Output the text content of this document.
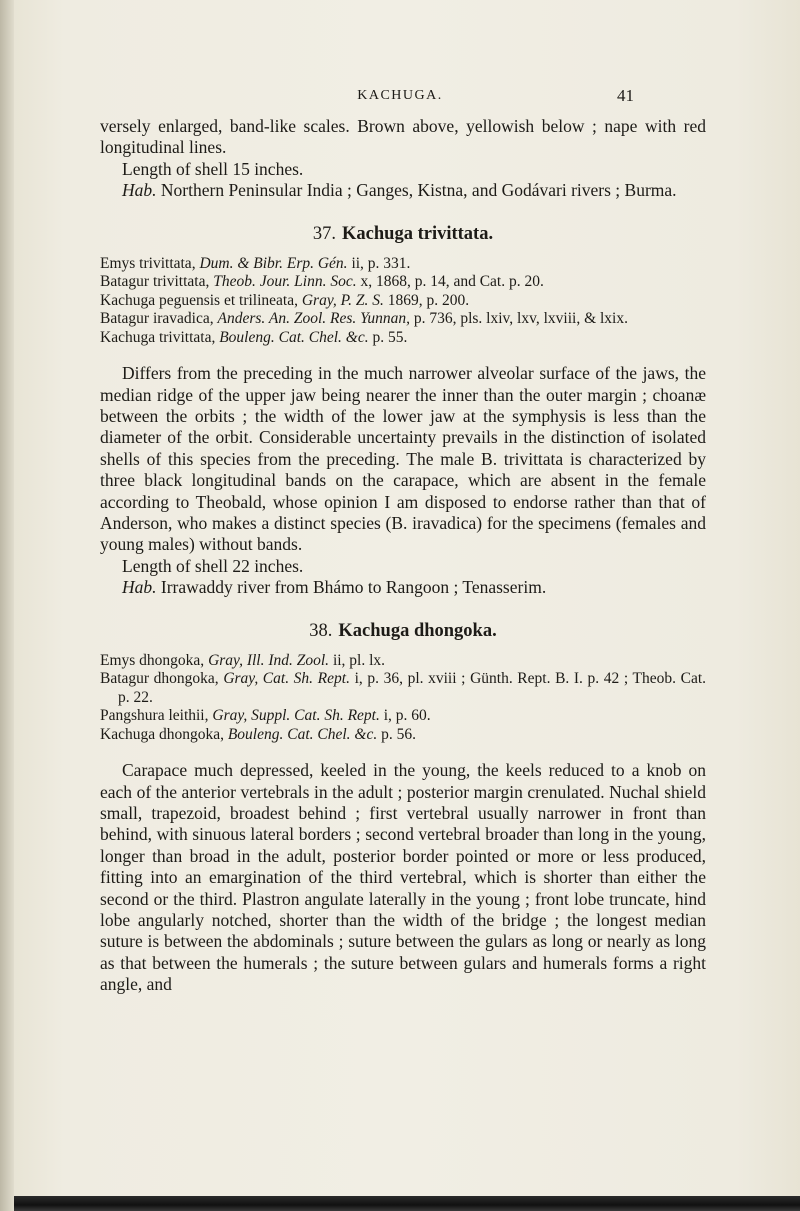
KACHUGA.	41

versely enlarged, band-like scales. Brown above, yellowish below ; nape with red longitudinal lines.

Length of shell 15 inches.

Hab. Northern Peninsular India ; Ganges, Kistna, and Godávari rivers ; Burma.

37. Kachuga trivittata.

Emys trivittata, Dum. & Bibr. Erp. Gén. ii, p. 331.

Batagur trivittata, Theob. Jour. Linn. Soc. x, 1868, p. 14, and Cat. p. 20.

Kachuga peguensis et trilineata, Gray, P. Z. S. 1869, p. 200.

Batagur iravadica, Anders. An. Zool. Res. Yunnan, p. 736, pls. lxiv, lxv, lxviii, & lxix.

Kachuga trivittata, Bouleng. Cat. Chel. &c. p. 55.

Differs from the preceding in the much narrower alveolar surface of the jaws, the median ridge of the upper jaw being nearer the inner than the outer margin ; choanæ between the orbits ; the width of the lower jaw at the symphysis is less than the diameter of the orbit. Considerable uncertainty prevails in the distinction of isolated shells of this species from the preceding. The male B. trivittata is characterized by three black longitudinal bands on the carapace, which are absent in the female according to Theobald, whose opinion I am disposed to endorse rather than that of Anderson, who makes a distinct species (B. iravadica) for the specimens (females and young males) without bands.

Length of shell 22 inches.

Hab. Irrawaddy river from Bhámo to Rangoon ; Tenasserim.

38. Kachuga dhongoka.

Emys dhongoka, Gray, Ill. Ind. Zool. ii, pl. lx.

Batagur dhongoka, Gray, Cat. Sh. Rept. i, p. 36, pl. xviii ; Günth. Rept. B. I. p. 42 ; Theob. Cat. p. 22.

Pangshura leithii, Gray, Suppl. Cat. Sh. Rept. i, p. 60.

Kachuga dhongoka, Bouleng. Cat. Chel. &c. p. 56.

Carapace much depressed, keeled in the young, the keels reduced to a knob on each of the anterior vertebrals in the adult ; posterior margin crenulated. Nuchal shield small, trapezoid, broadest behind ; first vertebral usually narrower in front than behind, with sinuous lateral borders ; second vertebral broader than long in the young, longer than broad in the adult, posterior border pointed or more or less produced, fitting into an emargination of the third vertebral, which is shorter than either the second or the third. Plastron angulate laterally in the young ; front lobe truncate, hind lobe angularly notched, shorter than the width of the bridge ; the longest median suture is between the abdominals ; suture between the gulars as long or nearly as long as that between the humerals ; the suture between gulars and humerals forms a right angle, and
